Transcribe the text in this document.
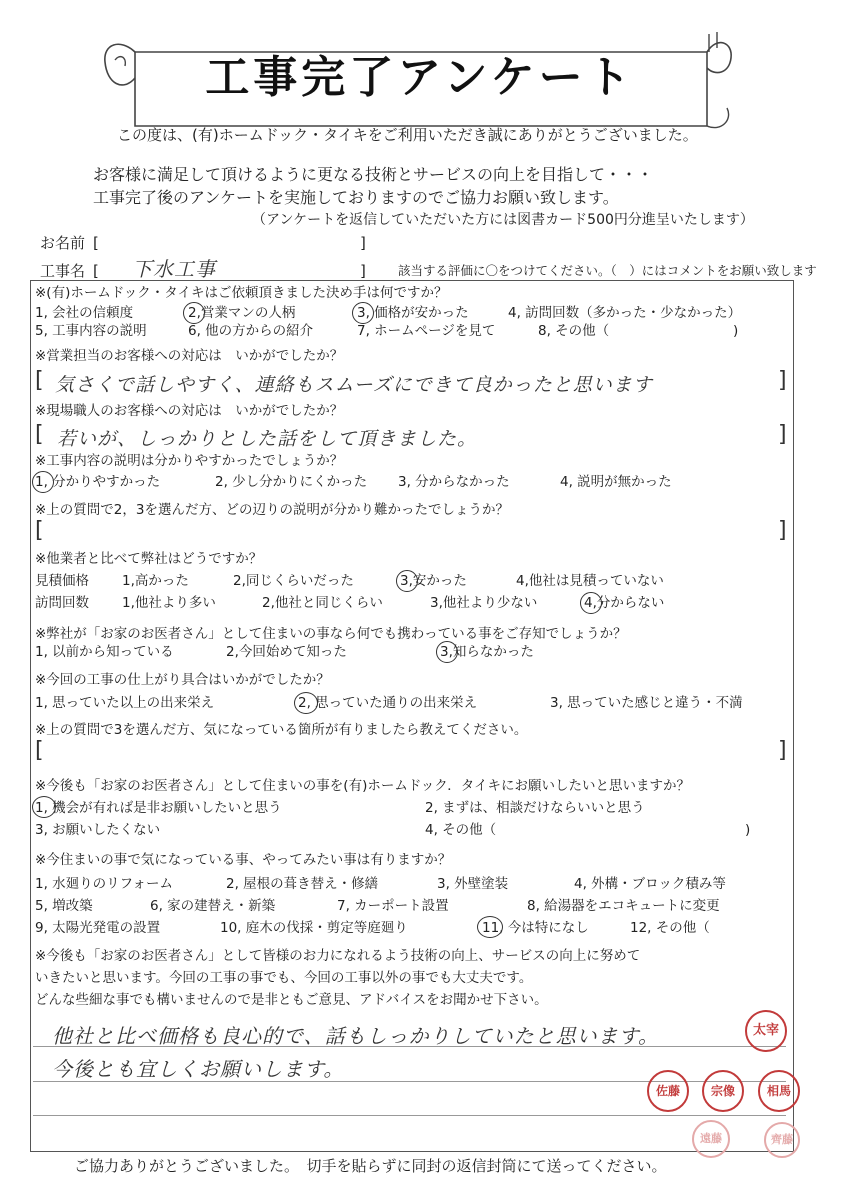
工事完了アンケート
この度は、(有)ホームドック・タイキをご利用いただき誠にありがとうございました。
お客様に満足して頂けるように更なる技術とサービスの向上を目指して・・・
工事完了後のアンケートを実施しておりますのでご協力お願い致します。
（アンケートを返信していただいた方には図書カード500円分進呈いたします）
お名前 [	]
工事名 [ 下水工事	]	該当する評価に〇をつけてください。（　）にはコメントをお願い致します
※(有)ホームドック・タイキはご依頼頂きました決め手は何ですか？
1, 会社の信頼度	2,営業マンの人柄	3, 価格が安かった	4, 訪問回数（多かった・少なかった）
5, 工事内容の説明	6, 他の方からの紹介	7, ホームページを見て	8, その他（	)
※営業担当のお客様への対応は　いかがでしたか？
[ 気さくで話しやすく、連絡もスムーズにできて良かったと思います	]
※現場職人のお客様への対応は　いかがでしたか？
[ 若いが、しっかりとした話をして頂きました。	]
※工事内容の説明は分かりやすかったでしょうか？
1, 分かりやすかった	2, 少し分かりにくかった 3, 分からなかった	4, 説明が無かった
※上の質問で2，3を選んだ方、どの辺りの説明が分かり難かったでしょうか？
[	]
※他業者と比べて弊社はどうですか？
見積価格 1,高かった	2,同じくらいだった	3,安かった	4,他社は見積っていない
訪問回数 1,他社より多い	2,他社と同じくらい	3,他社より少ない	4,分からない
※弊社が「お家のお医者さん」として住まいの事なら何でも携わっている事をご存知でしょうか？
1, 以前から知っている	2,今回始めて知った	3,知らなかった
※今回の工事の仕上がり具合はいかがでしたか？
1, 思っていた以上の出来栄え	2, 思っていた通りの出来栄え	3, 思っていた感じと違う・不満
※上の質問で3を選んだ方、気になっている箇所が有りましたら教えてください。
[	]
※今後も「お家のお医者さん」として住まいの事を(有)ホームドック．タイキにお願いしたいと思いますか？
1, 機会が有れば是非お願いしたいと思う	2, まずは、相談だけならいいと思う
3, お願いしたくない	4, その他（	)
※今住まいの事で気になっている事、やってみたい事は有りますか？
1, 水廻りのリフォーム	2, 屋根の葺き替え・修繕	3, 外壁塗装	4, 外構・ブロック積み等
5, 増改築	6, 家の建替え・新築	7, カーポート設置	8, 給湯器をエコキュートに変更
9, 太陽光発電の設置	10, 庭木の伐採・剪定等庭廻り	11, 今は特になし	12, その他（
※今後も「お家のお医者さん」として皆様のお力になれるよう技術の向上、サービスの向上に努めて
いきたいと思います。今回の工事の事でも、今回の工事以外の事でも大丈夫です。
どんな些細な事でも構いませんので是非ともご意見、アドバイスをお聞かせ下さい。
他社と比べ価格も良心的で、話もしっかりしていたと思います。
今後とも宜しくお願いします。
太宰
佐藤	宗像	相馬
遠藤	齊藤
ご協力ありがとうございました。　切手を貼らずに同封の返信封筒にて送ってください。
